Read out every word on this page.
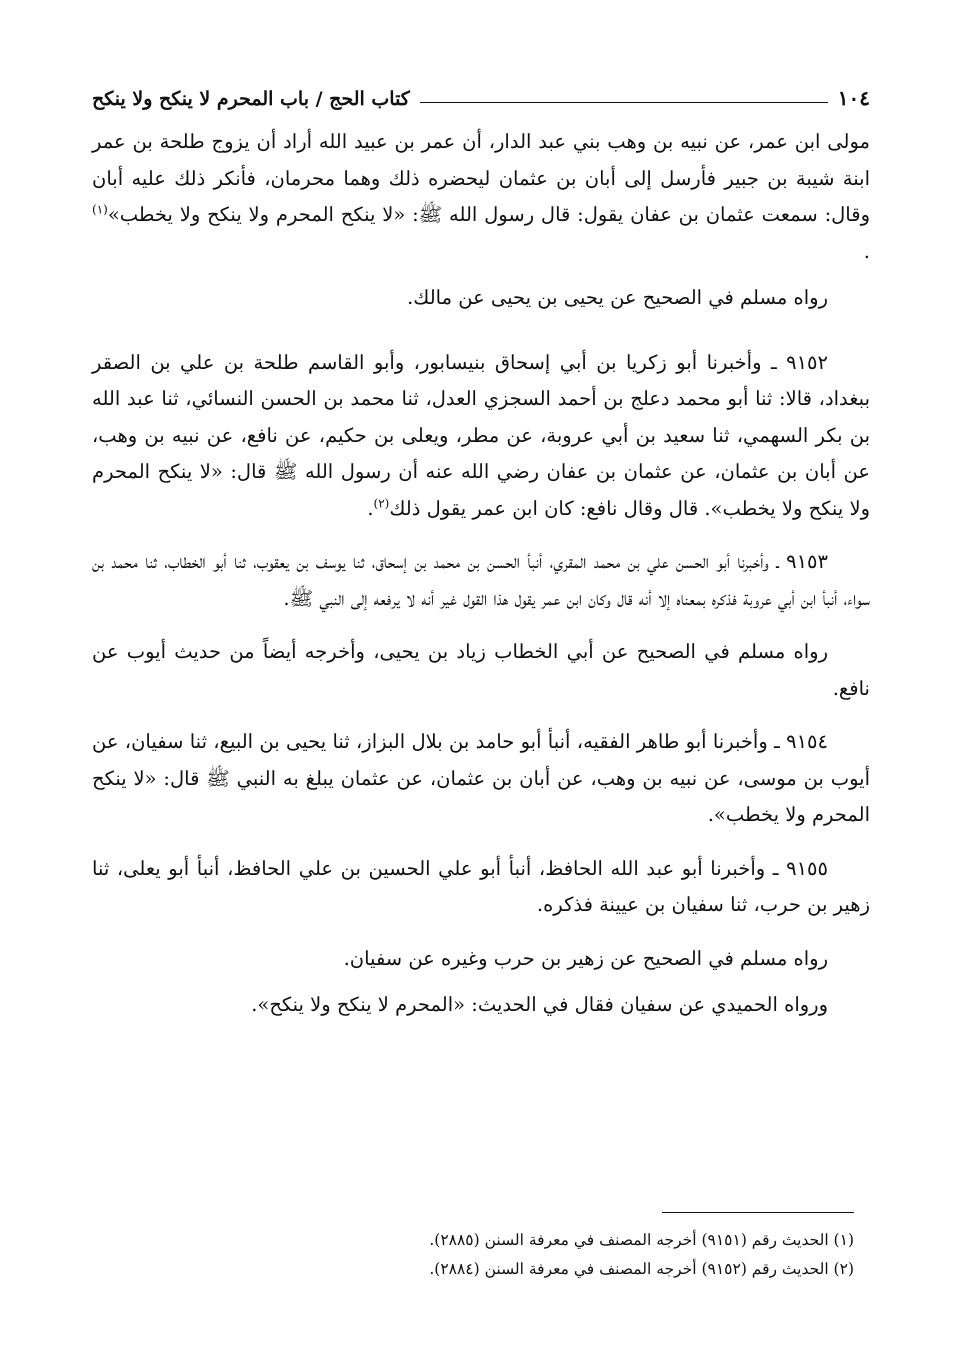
١٠٤
كتاب الحج / باب المحرم لا ينكح ولا ينكح

مولى ابن عمر، عن نبيه بن وهب بني عبد الدار، أن عمر بن عبيد الله أراد أن يزوج طلحة بن عمر ابنة شيبة بن جبير فأرسل إلى أبان بن عثمان ليحضره ذلك وهما محرمان، فأنكر ذلك عليه أبان وقال: سمعت عثمان بن عفان يقول: قال رسول الله ﷺ: «لا ينكح المحرم ولا ينكح ولا يخطب»$^{(١)}$ .

رواه مسلم في الصحيح عن يحيى بن يحيى عن مالك.

٩١٥٢ ـ وأخبرنا أبو زكريا بن أبي إسحاق بنيسابور، وأبو القاسم طلحة بن علي بن الصقر ببغداد، قالا: ثنا أبو محمد دعلج بن أحمد السجزي العدل، ثنا محمد بن الحسن النسائي، ثنا عبد الله بن بكر السهمي، ثنا سعيد بن أبي عروبة، عن مطر، ويعلى بن حكيم، عن نافع، عن نبيه بن وهب، عن أبان بن عثمان، عن عثمان بن عفان رضي الله عنه أن رسول الله ﷺ قال: «لا ينكح المحرم ولا ينكح ولا يخطب». قال وقال نافع: كان ابن عمر يقول ذلك$^{(٢)}$.

٩١٥٣ ـ وأخبرنا أبو الحسن علي بن محمد المقري، أنبأ الحسن بن محمد بن إسحاق، ثنا يوسف بن يعقوب، ثنا أبو الخطاب، ثنا محمد بن سواء، أنبأ ابن أبي عروبة فذكره بمعناه إلا أنه قال وكان ابن عمر يقول هذا القول غير أنه لا يرفعه إلى النبي ﷺ.

رواه مسلم في الصحيح عن أبي الخطاب زياد بن يحيى، وأخرجه أيضاً من حديث أيوب عن نافع.

٩١٥٤ ـ وأخبرنا أبو طاهر الفقيه، أنبأ أبو حامد بن بلال البزاز، ثنا يحيى بن البيع، ثنا سفيان، عن أيوب بن موسى، عن نبيه بن وهب، عن أبان بن عثمان، عن عثمان يبلغ به النبي ﷺ قال: «لا ينكح المحرم ولا يخطب».

٩١٥٥ ـ وأخبرنا أبو عبد الله الحافظ، أنبأ أبو علي الحسين بن علي الحافظ، أنبأ أبو يعلى، ثنا زهير بن حرب، ثنا سفيان بن عيينة فذكره.

رواه مسلم في الصحيح عن زهير بن حرب وغيره عن سفيان.

ورواه الحميدي عن سفيان فقال في الحديث: «المحرم لا ينكح ولا ينكح».

(١) الحديث رقم (٩١٥١) أخرجه المصنف في معرفة السنن (٢٨٨٥).
(٢) الحديث رقم (٩١٥٢) أخرجه المصنف في معرفة السنن (٢٨٨٤).
